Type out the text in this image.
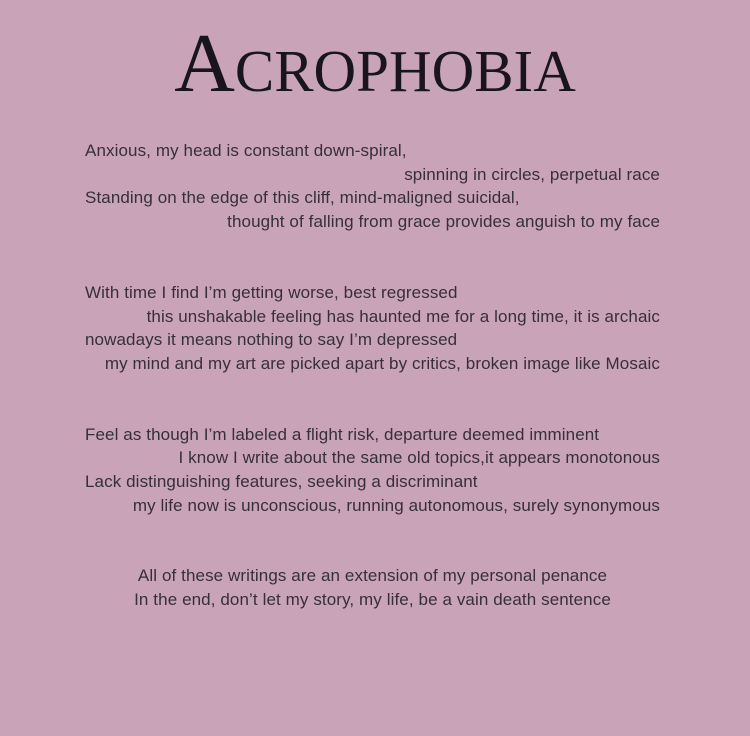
Acrophobia
Anxious, my head is constant down-spiral,
spinning in circles, perpetual race
Standing on the edge of this cliff, mind-maligned suicidal,
thought of falling from grace provides anguish to my face
With time I find I’m getting worse, best regressed
this unshakable feeling has haunted me for a long time, it is archaic
nowadays it means nothing to say I’m depressed
my mind and my art are picked apart by critics, broken image like Mosaic
Feel as though I’m labeled a flight risk, departure deemed imminent
I know I write about the same old topics,it appears monotonous
Lack distinguishing features, seeking a discriminant
my life now is unconscious, running autonomous, surely synonymous
All of these writings are an extension of my personal penance
In the end, don’t let my story, my life, be a vain death sentence
